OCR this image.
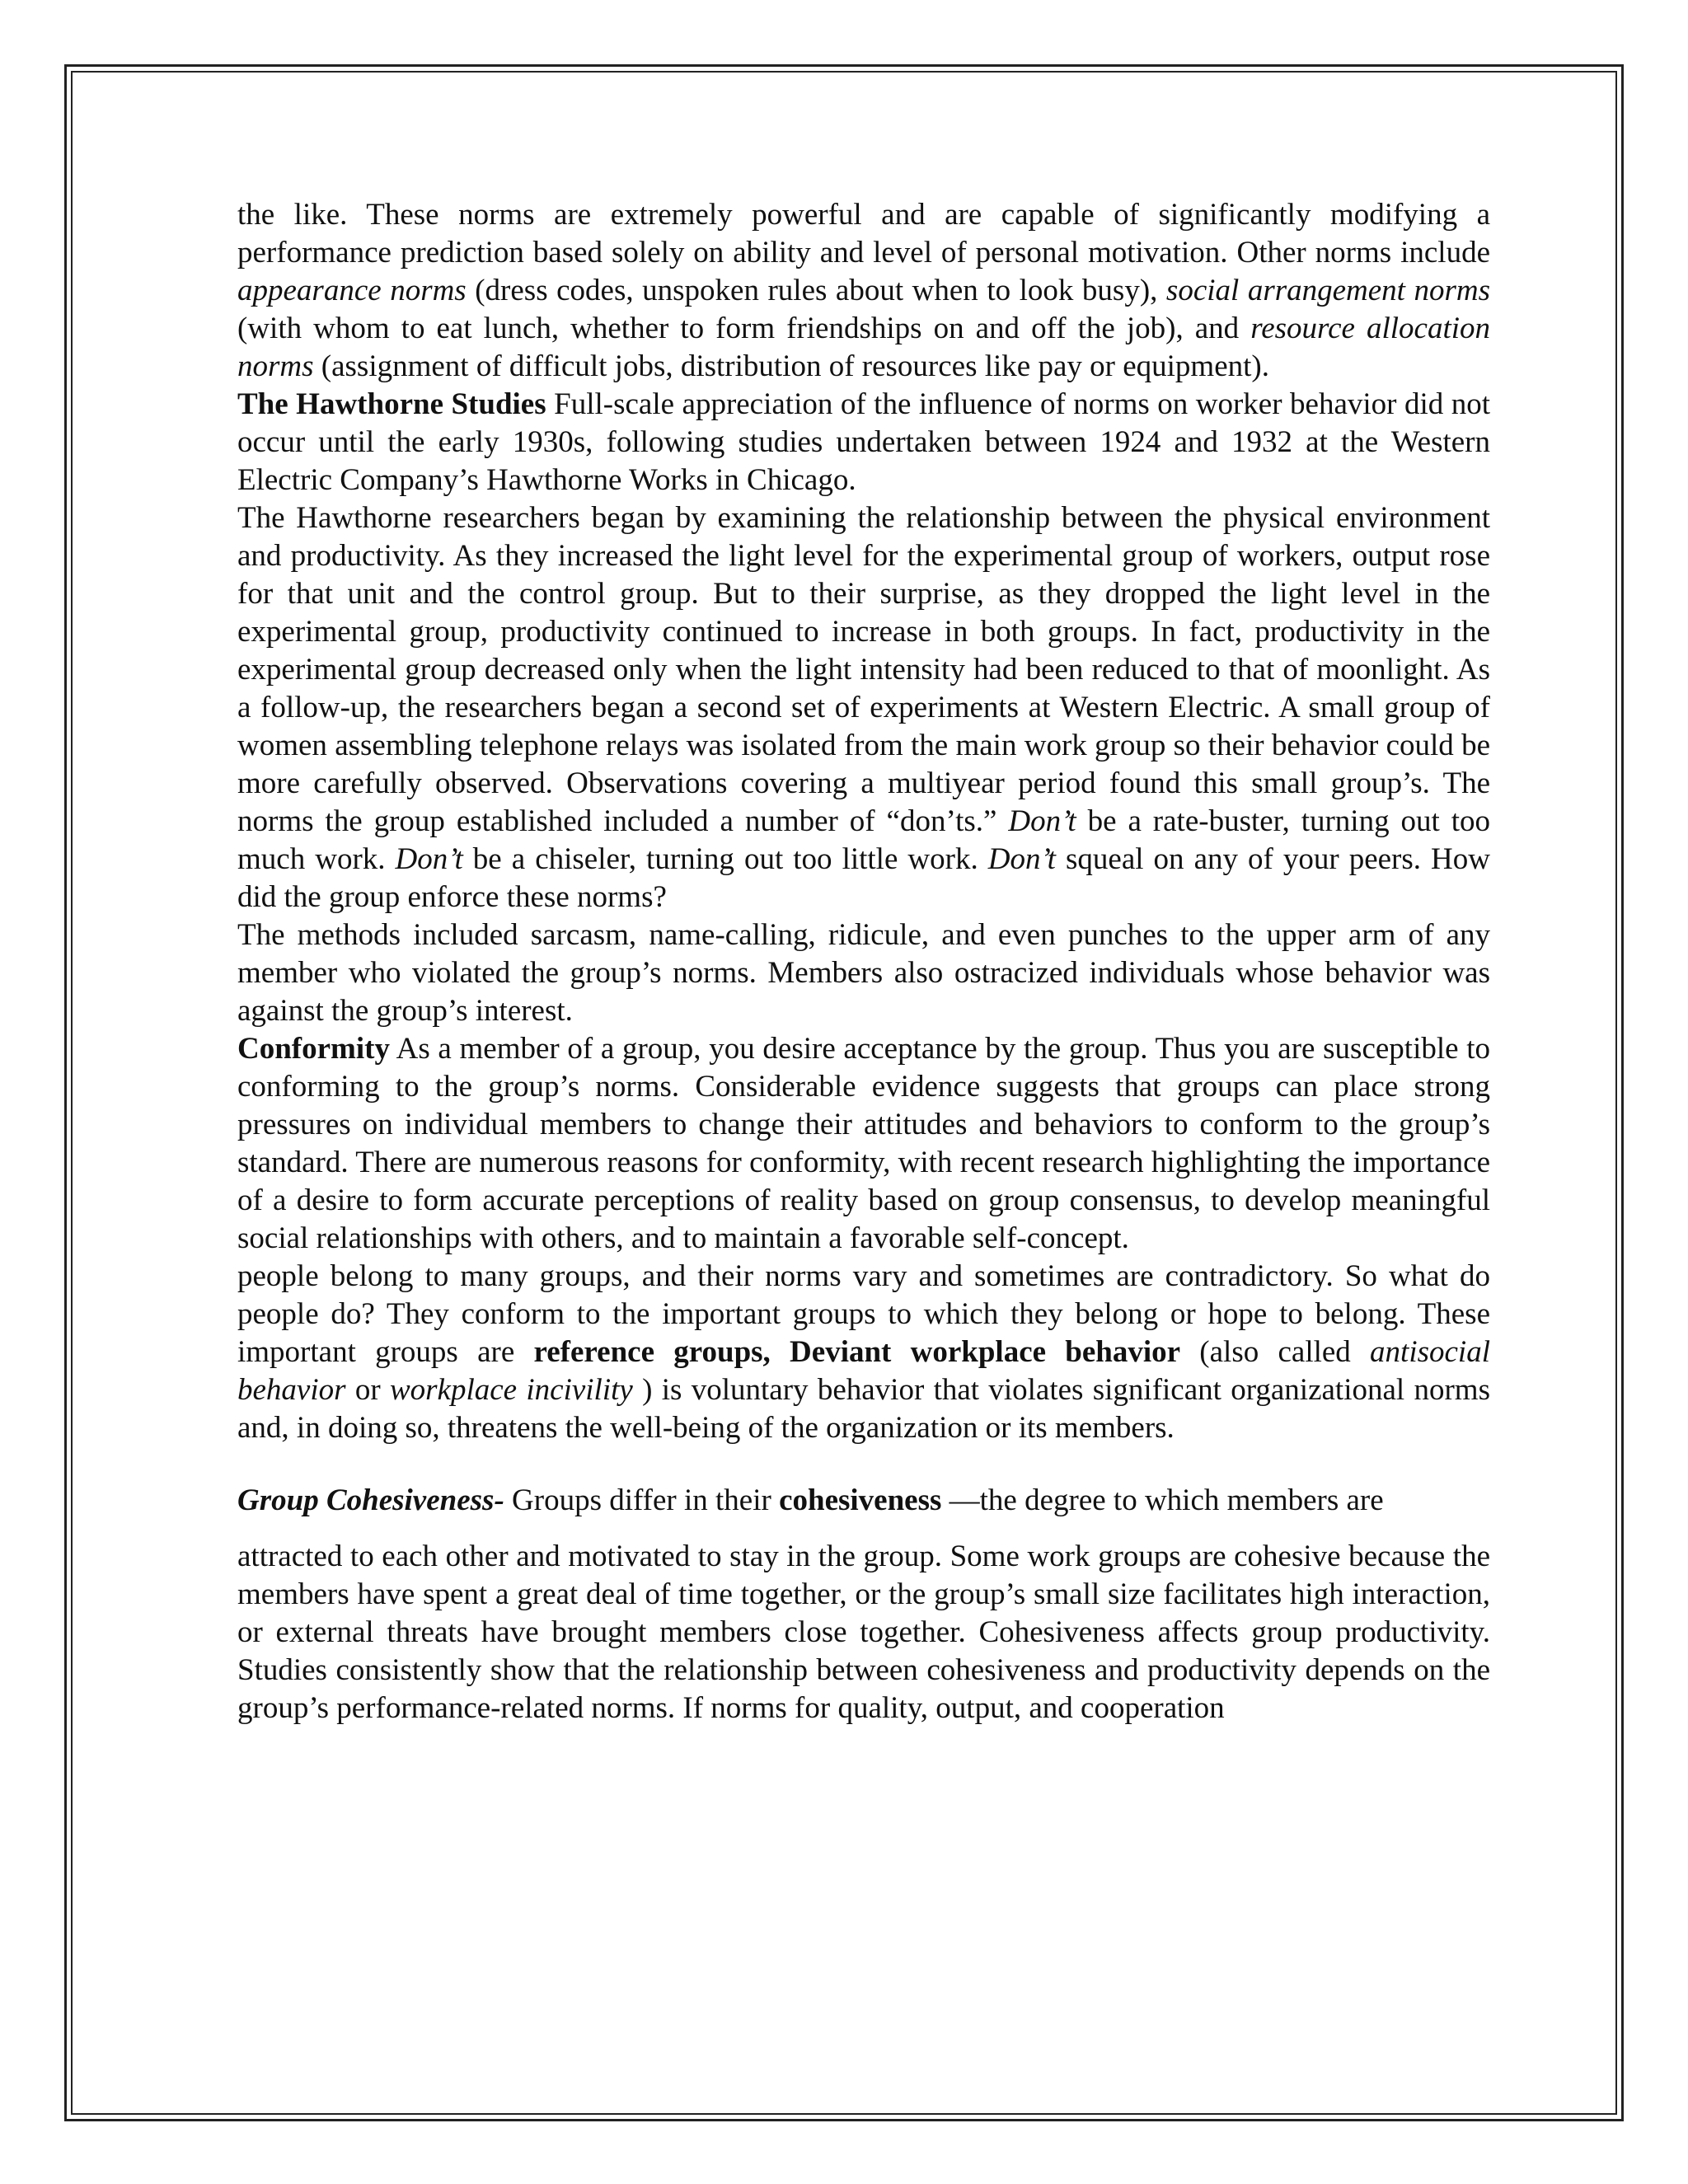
the like. These norms are extremely powerful and are capable of significantly modifying a performance prediction based solely on ability and level of personal motivation. Other norms include appearance norms (dress codes, unspoken rules about when to look busy), social arrangement norms (with whom to eat lunch, whether to form friendships on and off the job), and resource allocation norms (assignment of difficult jobs, distribution of resources like pay or equipment).

The Hawthorne Studies Full-scale appreciation of the influence of norms on worker behavior did not occur until the early 1930s, following studies undertaken between 1924 and 1932 at the Western Electric Company’s Hawthorne Works in Chicago.

The Hawthorne researchers began by examining the relationship between the physical environment and productivity. As they increased the light level for the experimental group of workers, output rose for that unit and the control group. But to their surprise, as they dropped the light level in the experimental group, productivity continued to increase in both groups. In fact, productivity in the experimental group decreased only when the light intensity had been reduced to that of moonlight. As a follow-up, the researchers began a second set of experiments at Western Electric. A small group of women assembling telephone relays was isolated from the main work group so their behavior could be more carefully observed. Observations covering a multiyear period found this small group’s. The norms the group established included a number of “don’ts.” Don’t be a rate-buster, turning out too much work. Don’t be a chiseler, turning out too little work. Don’t squeal on any of your peers. How did the group enforce these norms?

The methods included sarcasm, name-calling, ridicule, and even punches to the upper arm of any member who violated the group’s norms. Members also ostracized individuals whose behavior was against the group’s interest.

Conformity As a member of a group, you desire acceptance by the group. Thus you are susceptible to conforming to the group’s norms. Considerable evidence suggests that groups can place strong pressures on individual members to change their attitudes and behaviors to conform to the group’s standard. There are numerous reasons for conformity, with recent research highlighting the importance of a desire to form accurate perceptions of reality based on group consensus, to develop meaningful social relationships with others, and to maintain a favorable self-concept.

people belong to many groups, and their norms vary and sometimes are contradictory. So what do people do? They conform to the important groups to which they belong or hope to belong. These important groups are reference groups, Deviant workplace behavior (also called antisocial behavior or workplace incivility ) is voluntary behavior that violates significant organizational norms and, in doing so, threatens the well-being of the organization or its members.

Group Cohesiveness- Groups differ in their cohesiveness —the degree to which members are

attracted to each other and motivated to stay in the group. Some work groups are cohesive because the members have spent a great deal of time together, or the group’s small size facilitates high interaction, or external threats have brought members close together. Cohesiveness affects group productivity. Studies consistently show that the relationship between cohesiveness and productivity depends on the group’s performance-related norms. If norms for quality, output, and cooperation
